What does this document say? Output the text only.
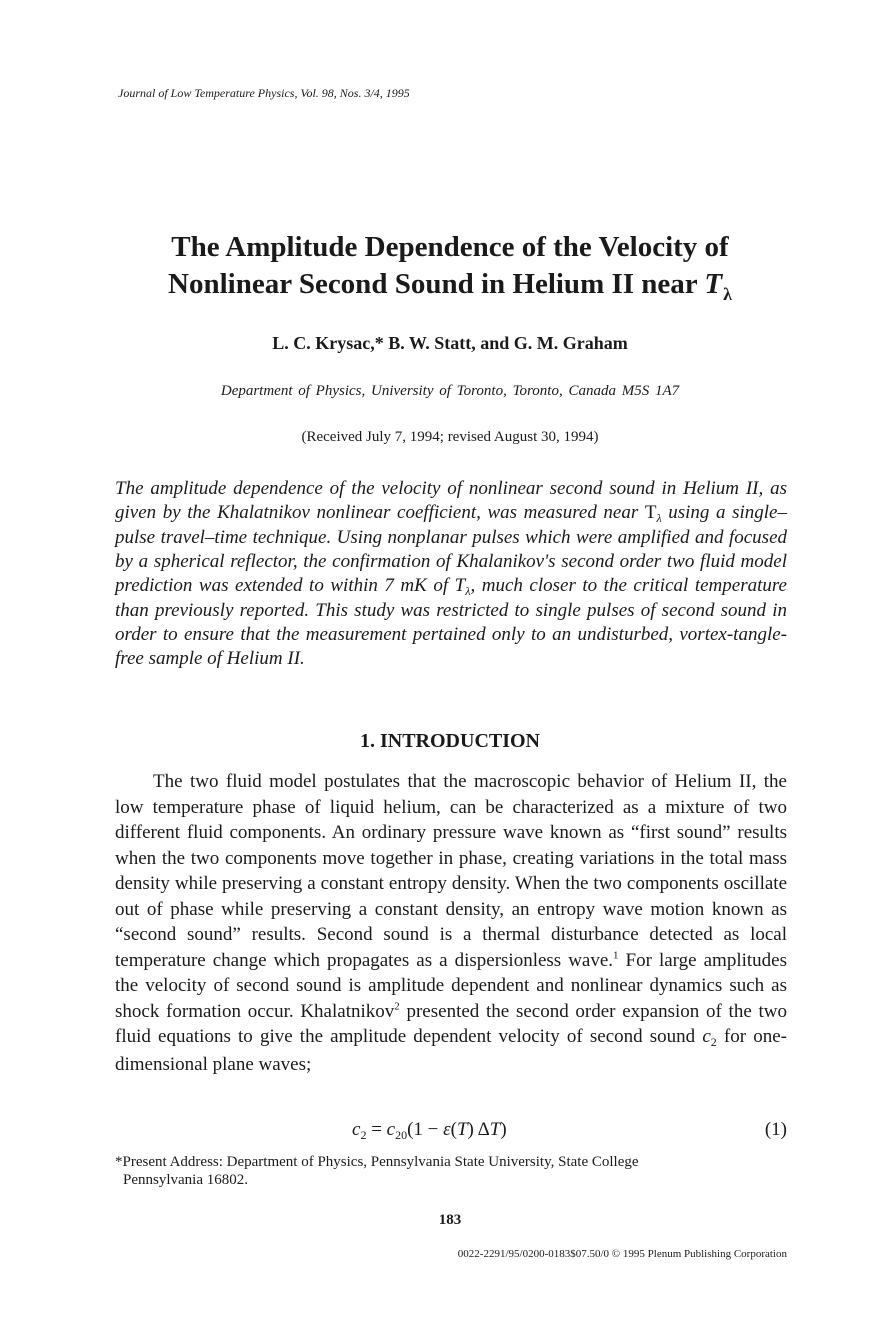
Journal of Low Temperature Physics, Vol. 98, Nos. 3/4, 1995
The Amplitude Dependence of the Velocity of
Nonlinear Second Sound in Helium II near $T_\lambda$
L. C. Krysac,* B. W. Statt, and G. M. Graham
Department of Physics, University of Toronto, Toronto, Canada M5S 1A7
(Received July 7, 1994; revised August 30, 1994)
The amplitude dependence of the velocity of nonlinear second sound in Helium II, as given by the Khalatnikov nonlinear coefficient, was measured near $T_\lambda$ using a single–pulse travel–time technique. Using nonplanar pulses which were amplified and focused by a spherical reflector, the confirmation of Khalanikov's second order two fluid model prediction was extended to within 7 mK of $T_\lambda$, much closer to the critical temperature than previously reported. This study was restricted to single pulses of second sound in order to ensure that the measurement pertained only to an undisturbed, vortex-tangle-free sample of Helium II.
1. INTRODUCTION
The two fluid model postulates that the macroscopic behavior of Helium II, the low temperature phase of liquid helium, can be characterized as a mixture of two different fluid components. An ordinary pressure wave known as “first sound” results when the two components move together in phase, creating variations in the total mass density while preserving a constant entropy density. When the two components oscillate out of phase while preserving a constant density, an entropy wave motion known as “second sound” results. Second sound is a thermal disturbance detected as local temperature change which propagates as a dispersionless wave.$^1$ For large amplitudes the velocity of second sound is amplitude dependent and nonlinear dynamics such as shock formation occur. Khalatnikov$^2$ presented the second order expansion of the two fluid equations to give the amplitude dependent velocity of second sound $c_2$ for one-dimensional plane waves;
$c_2 = c_{20}(1 - \varepsilon(T)$ ΔT)	(1)
*Present Address: Department of Physics, Pennsylvania State University, State College
Pennsylvania 16802.
183
0022-2291/95/0200-0183$07.50/0 © 1995 Plenum Publishing Corporation
